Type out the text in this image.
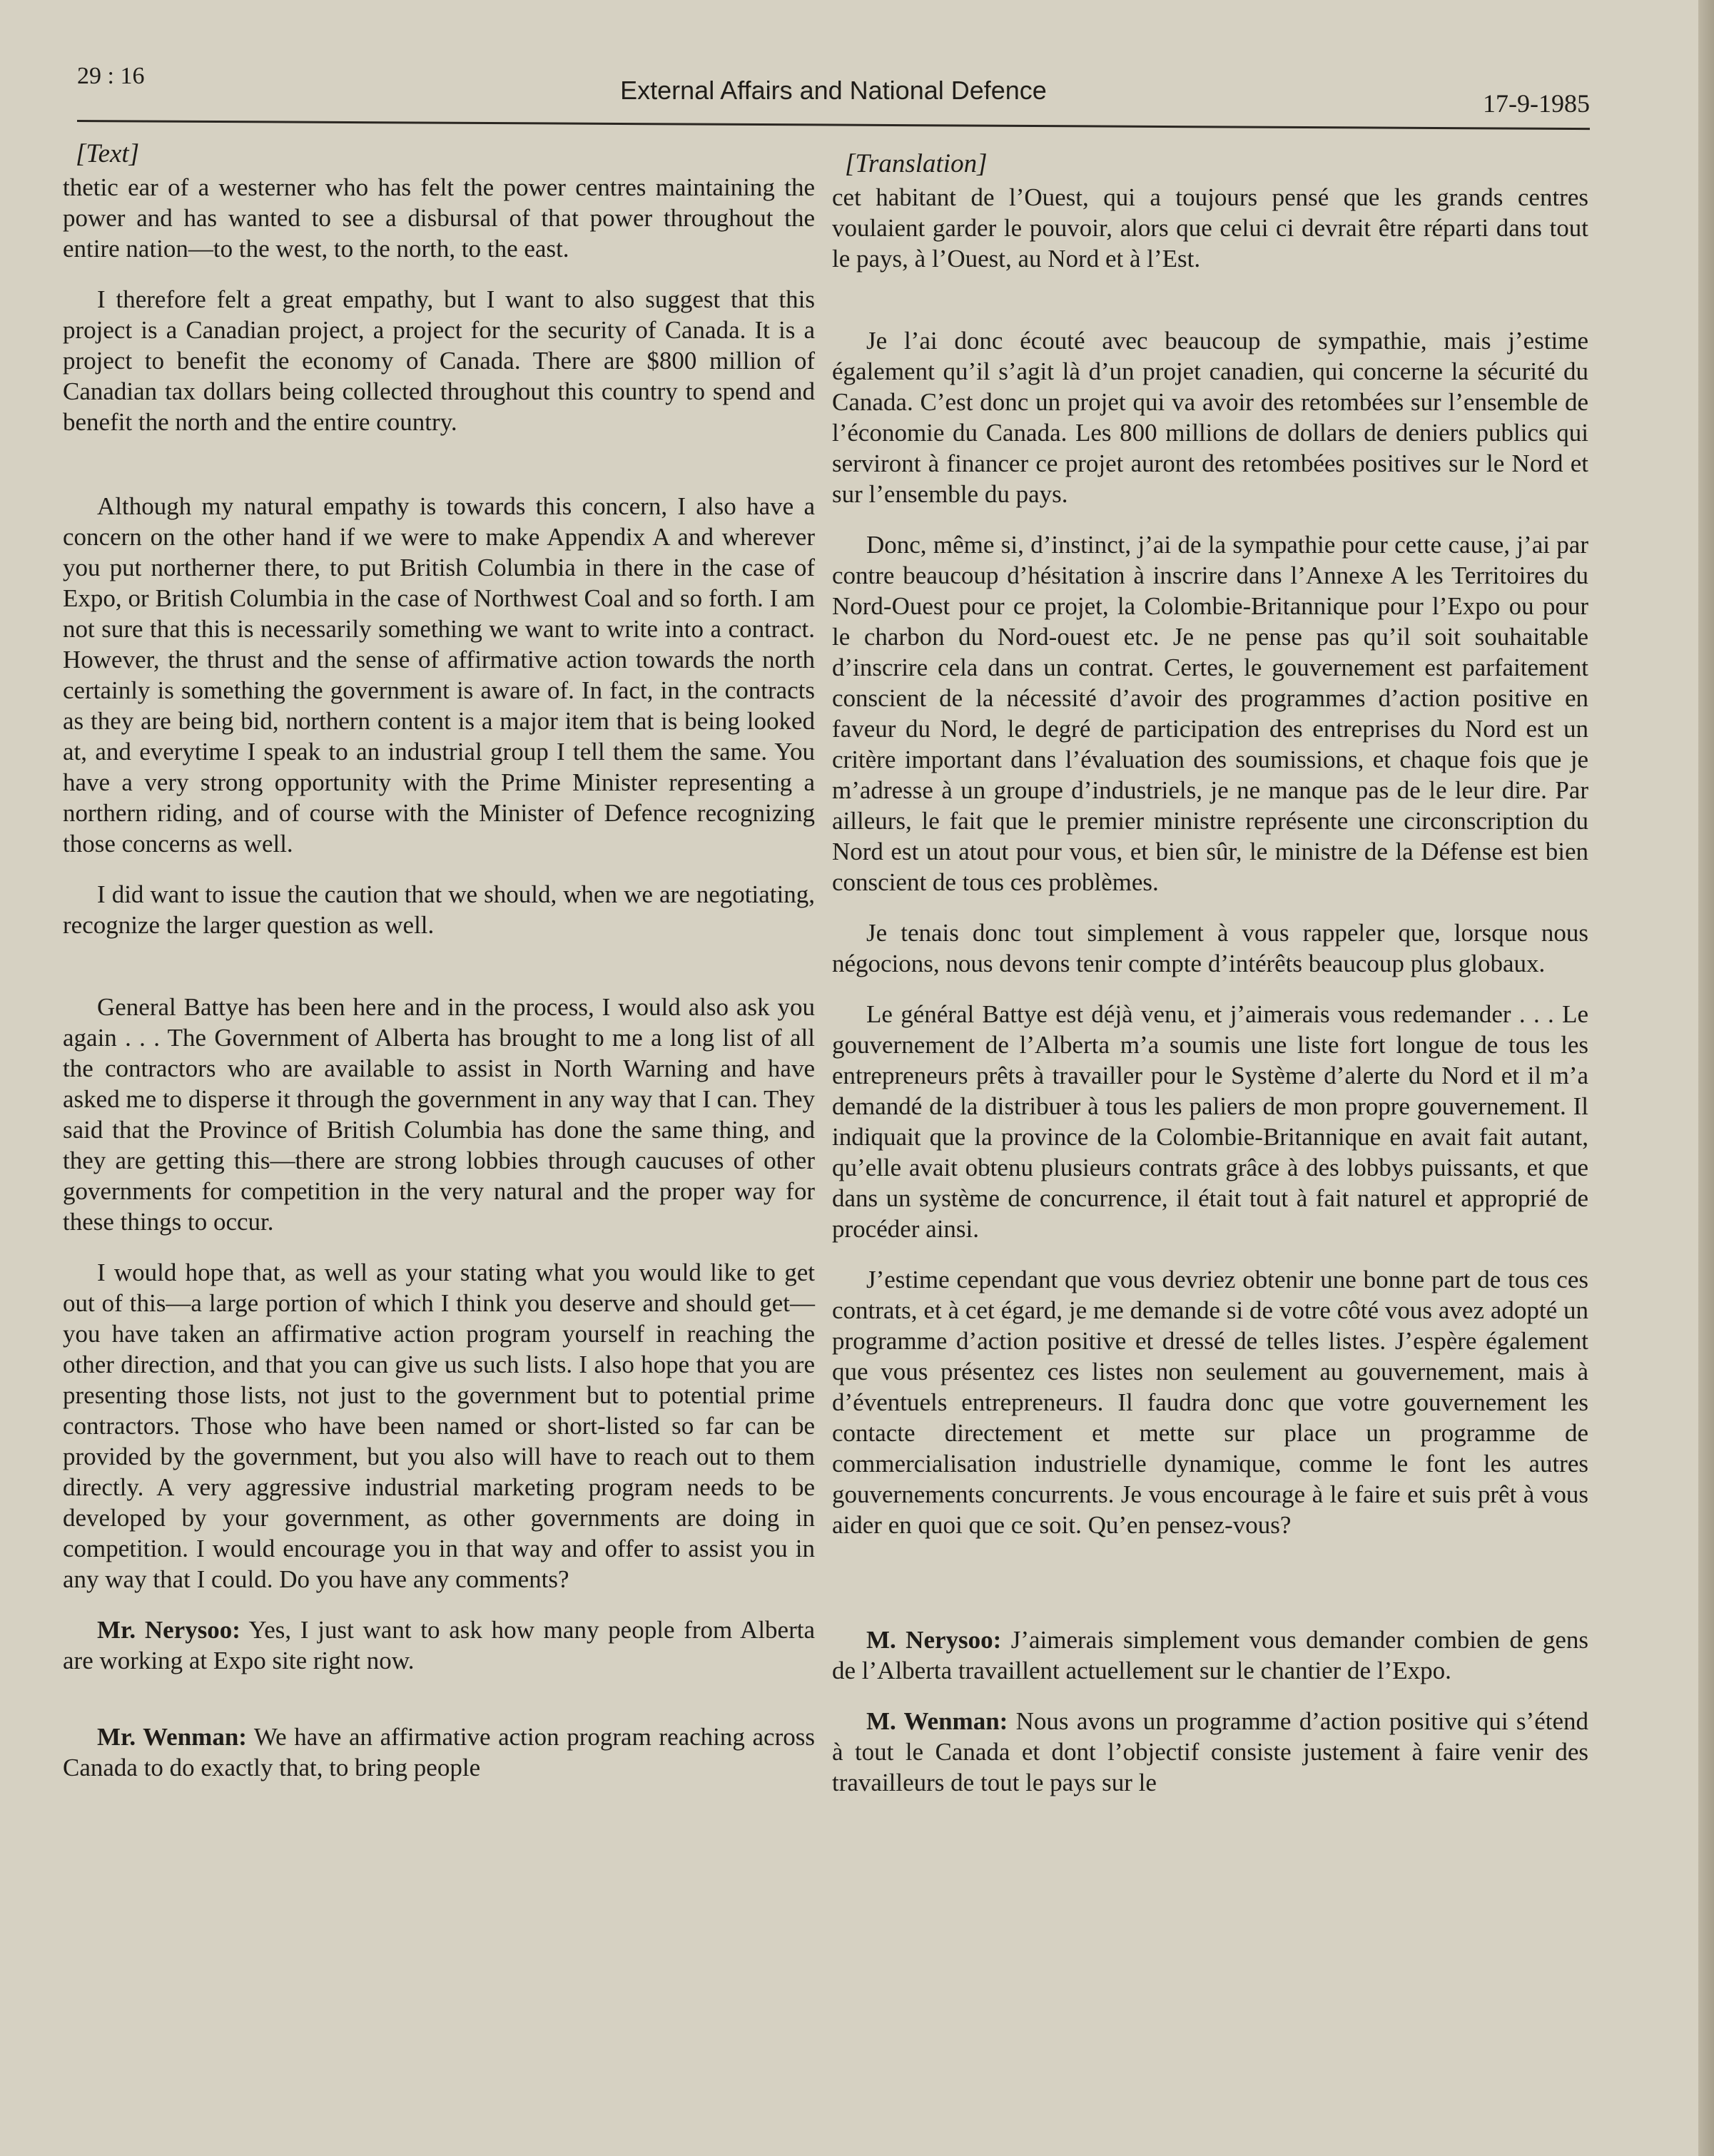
29 : 16	External Affairs and National Defence	17-9-1985
[Text]

thetic ear of a westerner who has felt the power centres maintaining the power and has wanted to see a disbursal of that power throughout the entire nation—to the west, to the north, to the east.

I therefore felt a great empathy, but I want to also suggest that this project is a Canadian project, a project for the security of Canada. It is a project to benefit the economy of Canada. There are $800 million of Canadian tax dollars being collected throughout this country to spend and benefit the north and the entire country.

Although my natural empathy is towards this concern, I also have a concern on the other hand if we were to make Appendix A and wherever you put northerner there, to put British Columbia in there in the case of Expo, or British Columbia in the case of Northwest Coal and so forth. I am not sure that this is necessarily something we want to write into a contract. However, the thrust and the sense of affirmative action towards the north certainly is something the government is aware of. In fact, in the contracts as they are being bid, northern content is a major item that is being looked at, and everytime I speak to an industrial group I tell them the same. You have a very strong opportunity with the Prime Minister representing a northern riding, and of course with the Minister of Defence recognizing those concerns as well.

I did want to issue the caution that we should, when we are negotiating, recognize the larger question as well.

General Battye has been here and in the process, I would also ask you again . . . The Government of Alberta has brought to me a long list of all the contractors who are available to assist in North Warning and have asked me to disperse it through the government in any way that I can. They said that the Province of British Columbia has done the same thing, and they are getting this—there are strong lobbies through caucuses of other governments for competition in the very natural and the proper way for these things to occur.

I would hope that, as well as your stating what you would like to get out of this—a large portion of which I think you deserve and should get—you have taken an affirmative action program yourself in reaching the other direction, and that you can give us such lists. I also hope that you are presenting those lists, not just to the government but to potential prime contractors. Those who have been named or short-listed so far can be provided by the government, but you also will have to reach out to them directly. A very aggressive industrial marketing program needs to be developed by your government, as other governments are doing in competition. I would encourage you in that way and offer to assist you in any way that I could. Do you have any comments?

Mr. Nerysoo: Yes, I just want to ask how many people from Alberta are working at Expo site right now.

Mr. Wenman: We have an affirmative action program reaching across Canada to do exactly that, to bring people

[Translation]

cet habitant de l’Ouest, qui a toujours pensé que les grands centres voulaient garder le pouvoir, alors que celui ci devrait être réparti dans tout le pays, à l’Ouest, au Nord et à l’Est.

Je l’ai donc écouté avec beaucoup de sympathie, mais j’estime également qu’il s’agit là d’un projet canadien, qui concerne la sécurité du Canada. C’est donc un projet qui va avoir des retombées sur l’ensemble de l’économie du Canada. Les 800 millions de dollars de deniers publics qui serviront à financer ce projet auront des retombées positives sur le Nord et sur l’ensemble du pays.

Donc, même si, d’instinct, j’ai de la sympathie pour cette cause, j’ai par contre beaucoup d’hésitation à inscrire dans l’Annexe A les Territoires du Nord-Ouest pour ce projet, la Colombie-Britannique pour l’Expo ou pour le charbon du Nord-ouest etc. Je ne pense pas qu’il soit souhaitable d’inscrire cela dans un contrat. Certes, le gouvernement est parfaitement conscient de la nécessité d’avoir des programmes d’action positive en faveur du Nord, le degré de participation des entreprises du Nord est un critère important dans l’évaluation des soumissions, et chaque fois que je m’adresse à un groupe d’industriels, je ne manque pas de le leur dire. Par ailleurs, le fait que le premier ministre représente une circonscription du Nord est un atout pour vous, et bien sûr, le ministre de la Défense est bien conscient de tous ces problèmes.

Je tenais donc tout simplement à vous rappeler que, lorsque nous négocions, nous devons tenir compte d’intérêts beaucoup plus globaux.

Le général Battye est déjà venu, et j’aimerais vous redemander . . . Le gouvernement de l’Alberta m’a soumis une liste fort longue de tous les entrepreneurs prêts à travailler pour le Système d’alerte du Nord et il m’a demandé de la distribuer à tous les paliers de mon propre gouvernement. Il indiquait que la province de la Colombie-Britannique en avait fait autant, qu’elle avait obtenu plusieurs contrats grâce à des lobbys puissants, et que dans un système de concurrence, il était tout à fait naturel et approprié de procéder ainsi.

J’estime cependant que vous devriez obtenir une bonne part de tous ces contrats, et à cet égard, je me demande si de votre côté vous avez adopté un programme d’action positive et dressé de telles listes. J’espère également que vous présentez ces listes non seulement au gouvernement, mais à d’éventuels entrepreneurs. Il faudra donc que votre gouvernement les contacte directement et mette sur place un programme de commercialisation industrielle dynamique, comme le font les autres gouvernements concurrents. Je vous encourage à le faire et suis prêt à vous aider en quoi que ce soit. Qu’en pensez-vous?

M. Nerysoo: J’aimerais simplement vous demander combien de gens de l’Alberta travaillent actuellement sur le chantier de l’Expo.

M. Wenman: Nous avons un programme d’action positive qui s’étend à tout le Canada et dont l’objectif consiste justement à faire venir des travailleurs de tout le pays sur le
